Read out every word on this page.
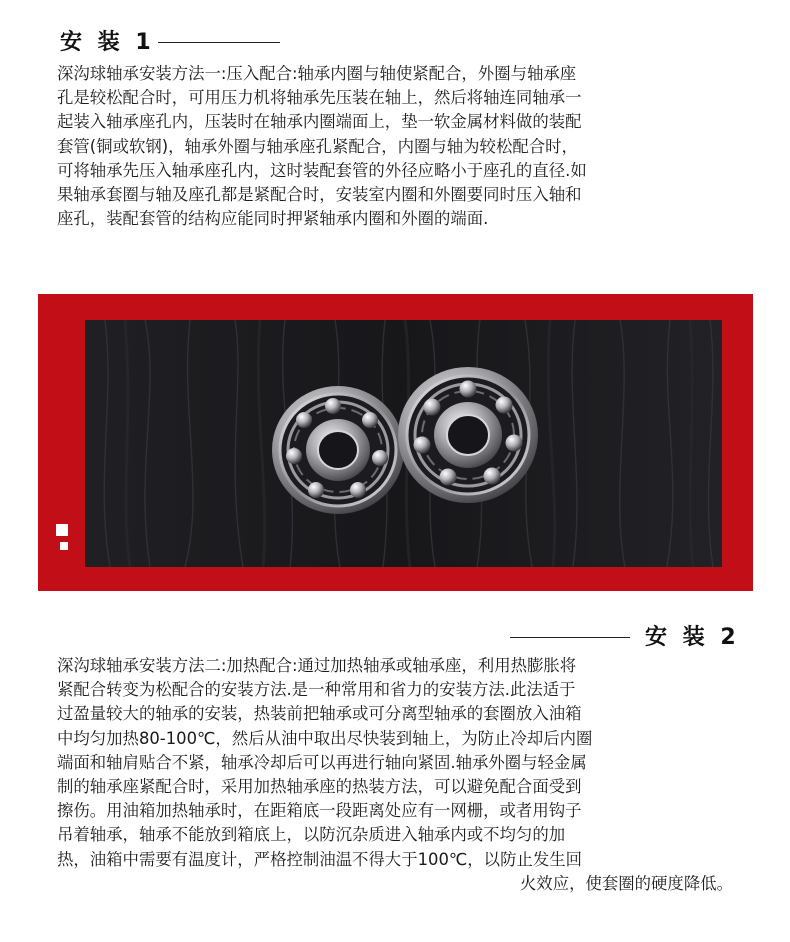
安 装 1
深沟球轴承安装方法一:压入配合:轴承内圈与轴使紧配合，外圈与轴承座
孔是较松配合时，可用压力机将轴承先压装在轴上，然后将轴连同轴承一
起装入轴承座孔内，压装时在轴承内圈端面上，垫一软金属材料做的装配
套管(铜或软钢)，轴承外圈与轴承座孔紧配合，内圈与轴为较松配合时，
可将轴承先压入轴承座孔内，这时装配套管的外径应略小于座孔的直径.如
果轴承套圈与轴及座孔都是紧配合时，安装室内圈和外圈要同时压入轴和
座孔，装配套管的结构应能同时押紧轴承内圈和外圈的端面.
安 装 2
深沟球轴承安装方法二:加热配合:通过加热轴承或轴承座，利用热膨胀将
紧配合转变为松配合的安装方法.是一种常用和省力的安装方法.此法适于
过盈量较大的轴承的安装，热装前把轴承或可分离型轴承的套圈放入油箱
中均匀加热80-100℃，然后从油中取出尽快装到轴上，为防止冷却后内圈
端面和轴肩贴合不紧，轴承冷却后可以再进行轴向紧固.轴承外圈与轻金属
制的轴承座紧配合时，采用加热轴承座的热装方法，可以避免配合面受到
擦伤。用油箱加热轴承时，在距箱底一段距离处应有一网栅，或者用钩子
吊着轴承，轴承不能放到箱底上，以防沉杂质进入轴承内或不均匀的加
热，油箱中需要有温度计，严格控制油温不得大于100℃，以防止发生回
火效应，使套圈的硬度降低。
